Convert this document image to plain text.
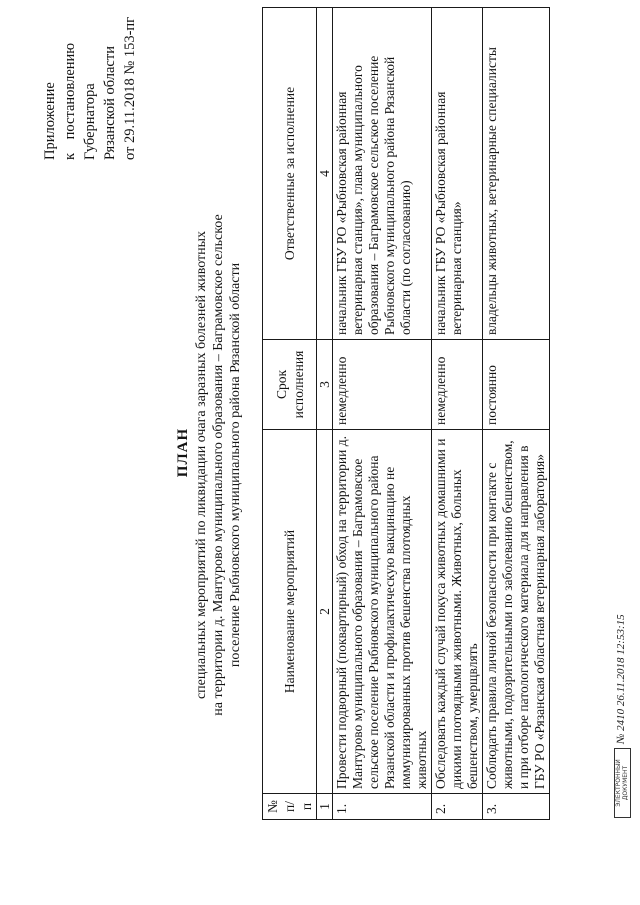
Приложение к постановлению Губернатора Рязанской области от 29.11.2018 № 153-пг
ПЛАН специальных мероприятий по ликвидации очага заразных болезней животных на территории д. Мантурово муниципального образования – Баграмовское сельское поселение Рыбновского муниципального района Рязанской области
№ п/п	Наименование мероприятий	Срок исполнения	Ответственные за исполнение
1	2	3	4
1.	Провести подворный (поквартирный) обход на территории д. Мантурово муниципального образования – Баграмовское сельское поселение Рыбновского муниципального района Рязанской области и профилактическую вакцинацию не иммунизированных против бешенства плотоядных животных	немедленно	начальник ГБУ РО «Рыбновская районная ветеринарная станция», глава муниципального образования – Баграмовское сельское поселение Рыбновского муниципального района Рязанской области (по согласованию)
2.	Обследовать каждый случай покуса животных домашними и дикими плотоядными животными. Животных, больных бешенством, умерщвлять	немедленно	начальник ГБУ РО «Рыбновская районная ветеринарная станция»
3.	Соблюдать правила личной безопасности при контакте с животными, подозрительными по заболеванию бешенством, и при отборе патологического материала для направления в ГБУ РО «Рязанская областная ветеринарная лаборатория»	постоянно	владельцы животных, ветеринарные специалисты
ЭЛЕКТРОННЫЙ ДОКУМЕНТ
№ 2410 26.11.2018 12:53:15
